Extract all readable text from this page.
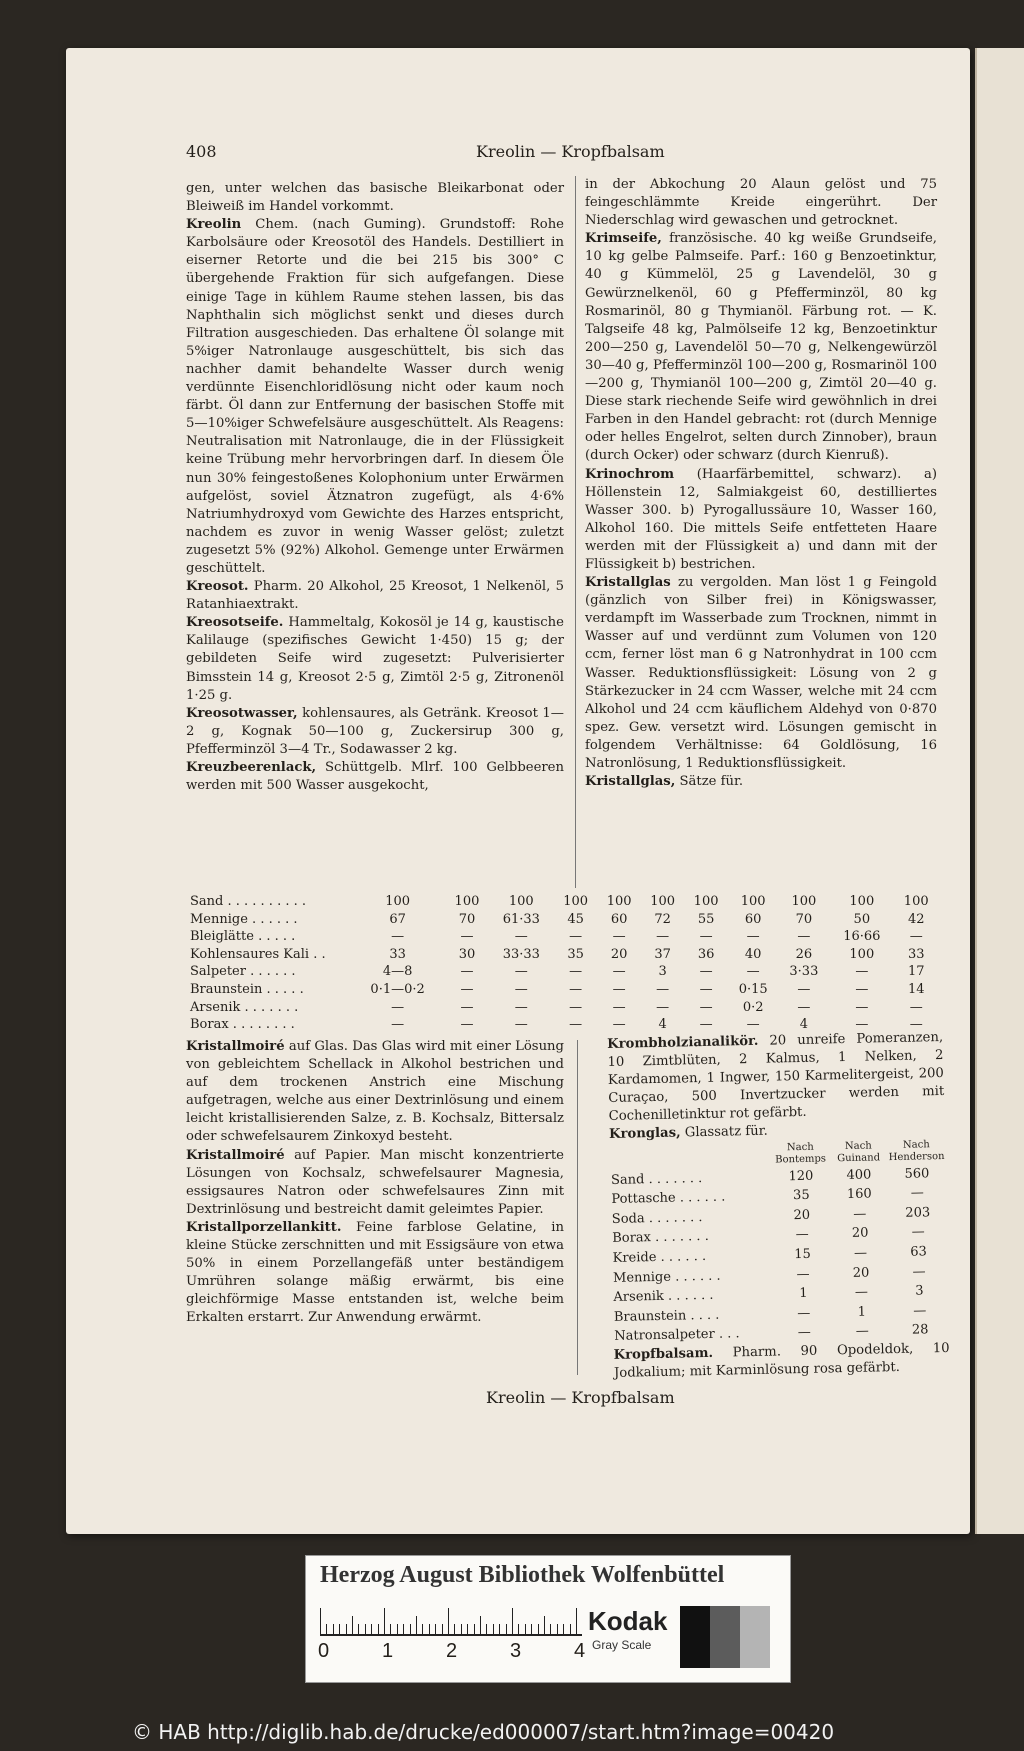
408	Kreolin — Kropfbalsam

gen, unter welchen das basische Bleikarbonat oder Bleiweiß im Handel vorkommt.

Kreolin Chem. (nach Guming). Grundstoff: Rohe Karbolsäure oder Kreosotöl des Handels. Destilliert in eiserner Retorte und die bei 215 bis 300° C übergehende Fraktion für sich aufgefangen. Diese einige Tage in kühlem Raume stehen lassen, bis das Naphthalin sich möglichst senkt und dieses durch Filtration ausgeschieden. Das erhaltene Öl solange mit 5%iger Natronlauge ausgeschüttelt, bis sich das nachher damit behandelte Wasser durch wenig verdünnte Eisenchloridlösung nicht oder kaum noch färbt. Öl dann zur Entfernung der basischen Stoffe mit 5—10%iger Schwefelsäure ausgeschüttelt. Als Reagens: Neutralisation mit Natronlauge, die in der Flüssigkeit keine Trübung mehr hervorbringen darf. In diesem Öle nun 30% feingestoßenes Kolophonium unter Erwärmen aufgelöst, soviel Ätznatron zugefügt, als 4·6% Natriumhydroxyd vom Gewichte des Harzes entspricht, nachdem es zuvor in wenig Wasser gelöst; zuletzt zugesetzt 5% (92%) Alkohol. Gemenge unter Erwärmen geschüttelt.

Kreosot. Pharm. 20 Alkohol, 25 Kreosot, 1 Nelkenöl, 5 Ratanhiaextrakt.

Kreosotseife. Hammeltalg, Kokosöl je 14 g, kaustische Kalilauge (spezifisches Gewicht 1·450) 15 g; der gebildeten Seife wird zugesetzt: Pulverisierter Bimsstein 14 g, Kreosot 2·5 g, Zimtöl 2·5 g, Zitronenöl 1·25 g.

Kreosotwasser, kohlensaures, als Getränk. Kreosot 1—2 g, Kognak 50—100 g, Zuckersirup 300 g, Pfefferminzöl 3—4 Tr., Sodawasser 2 kg.

Kreuzbeerenlack, Schüttgelb. Mlrf. 100 Gelbbeeren werden mit 500 Wasser ausgekocht,

in der Abkochung 20 Alaun gelöst und 75 feingeschlämmte Kreide eingerührt. Der Niederschlag wird gewaschen und getrocknet.

Krimseife, französische. 40 kg weiße Grundseife, 10 kg gelbe Palmseife. Parf.: 160 g Benzoetinktur, 40 g Kümmelöl, 25 g Lavendelöl, 30 g Gewürznelkenöl, 60 g Pfefferminzöl, 80 kg Rosmarinöl, 80 g Thymianöl. Färbung rot. — K. Talgseife 48 kg, Palmölseife 12 kg, Benzoetinktur 200—250 g, Lavendelöl 50—70 g, Nelkengewürzöl 30—40 g, Pfefferminzöl 100—200 g, Rosmarinöl 100—200 g, Thymianöl 100—200 g, Zimtöl 20—40 g. Diese stark riechende Seife wird gewöhnlich in drei Farben in den Handel gebracht: rot (durch Mennige oder helles Engelrot, selten durch Zinnober), braun (durch Ocker) oder schwarz (durch Kienruß).

Krinochrom (Haarfärbemittel, schwarz). a) Höllenstein 12, Salmiakgeist 60, destilliertes Wasser 300. b) Pyrogallussäure 10, Wasser 160, Alkohol 160. Die mittels Seife entfetteten Haare werden mit der Flüssigkeit a) und dann mit der Flüssigkeit b) bestrichen.

Kristallglas zu vergolden. Man löst 1 g Feingold (gänzlich von Silber frei) in Königswasser, verdampft im Wasserbade zum Trocknen, nimmt in Wasser auf und verdünnt zum Volumen von 120 ccm, ferner löst man 6 g Natronhydrat in 100 ccm Wasser. Reduktionsflüssigkeit: Lösung von 2 g Stärkezucker in 24 ccm Wasser, welche mit 24 ccm Alkohol und 24 ccm käuflichem Aldehyd von 0·870 spez. Gew. versetzt wird. Lösungen gemischt in folgendem Verhältnisse: 64 Goldlösung, 16 Natronlösung, 1 Reduktionsflüssigkeit.

Kristallglas, Sätze für.

Sand . . . . . . . . . .	100	100	100	100	100	100	100	100	100	100	100
Mennige . . . . . .	67	70	61·33	45	60	72	55	60	70	50	42
Bleiglätte . . . . .	—	—	—	—	—	—	—	—	—	16·66	—
Kohlensaures Kali . .	33	30	33·33	35	20	37	36	40	26	100	33
Salpeter . . . . . .	4—8	—	—	—	—	3	—	—	3·33	—	17
Braunstein . . . . .	0·1—0·2	—	—	—	—	—	—	0·15	—	—	14
Arsenik . . . . . . .	—	—	—	—	—	—	—	0·2	—	—	—
Borax . . . . . . . .	—	—	—	—	—	4	—	—	4	—	—

Kristallmoiré auf Glas. Das Glas wird mit einer Lösung von gebleichtem Schellack in Alkohol bestrichen und auf dem trockenen Anstrich eine Mischung aufgetragen, welche aus einer Dextrinlösung und einem leicht kristallisierenden Salze, z. B. Kochsalz, Bittersalz oder schwefelsaurem Zinkoxyd besteht.

Kristallmoiré auf Papier. Man mischt konzentrierte Lösungen von Kochsalz, schwefelsaurer Magnesia, essigsaures Natron oder schwefelsaures Zinn mit Dextrinlösung und bestreicht damit geleimtes Papier.

Kristallporzellankitt. Feine farblose Gelatine, in kleine Stücke zerschnitten und mit Essigsäure von etwa 50% in einem Porzellangefäß unter beständigem Umrühren solange mäßig erwärmt, bis eine gleichförmige Masse entstanden ist, welche beim Erkalten erstarrt. Zur Anwendung erwärmt.

Krombholzianalikör. 20 unreife Pomeranzen, 10 Zimtblüten, 2 Kalmus, 1 Nelken, 2 Kardamomen, 1 Ingwer, 150 Karmelitergeist, 200 Curaçao, 500 Invertzucker werden mit Cochenilletinktur rot gefärbt.

Kronglas, Glassatz für.

	Nach Bontemps	Nach Guinand	Nach Henderson
Sand . . . . . . .	120	400	560
Pottasche . . . . . .	35	160	—
Soda . . . . . . .	20	—	203
Borax . . . . . . .	—	20	—
Kreide . . . . . .	15	—	63
Mennige . . . . . .	—	20	—
Arsenik . . . . . .	1	—	3
Braunstein . . . .	—	1	—
Natronsalpeter . . .	—	—	28

Kropfbalsam. Pharm. 90 Opodeldok, 10 Jodkalium; mit Karminlösung rosa gefärbt.

Kreolin — Kropfbalsam
Herzog August Bibliothek Wolfenbüttel
0	1	2	3	4
Kodak
Gray Scale
© HAB http://diglib.hab.de/drucke/ed000007/start.htm?image=00420
